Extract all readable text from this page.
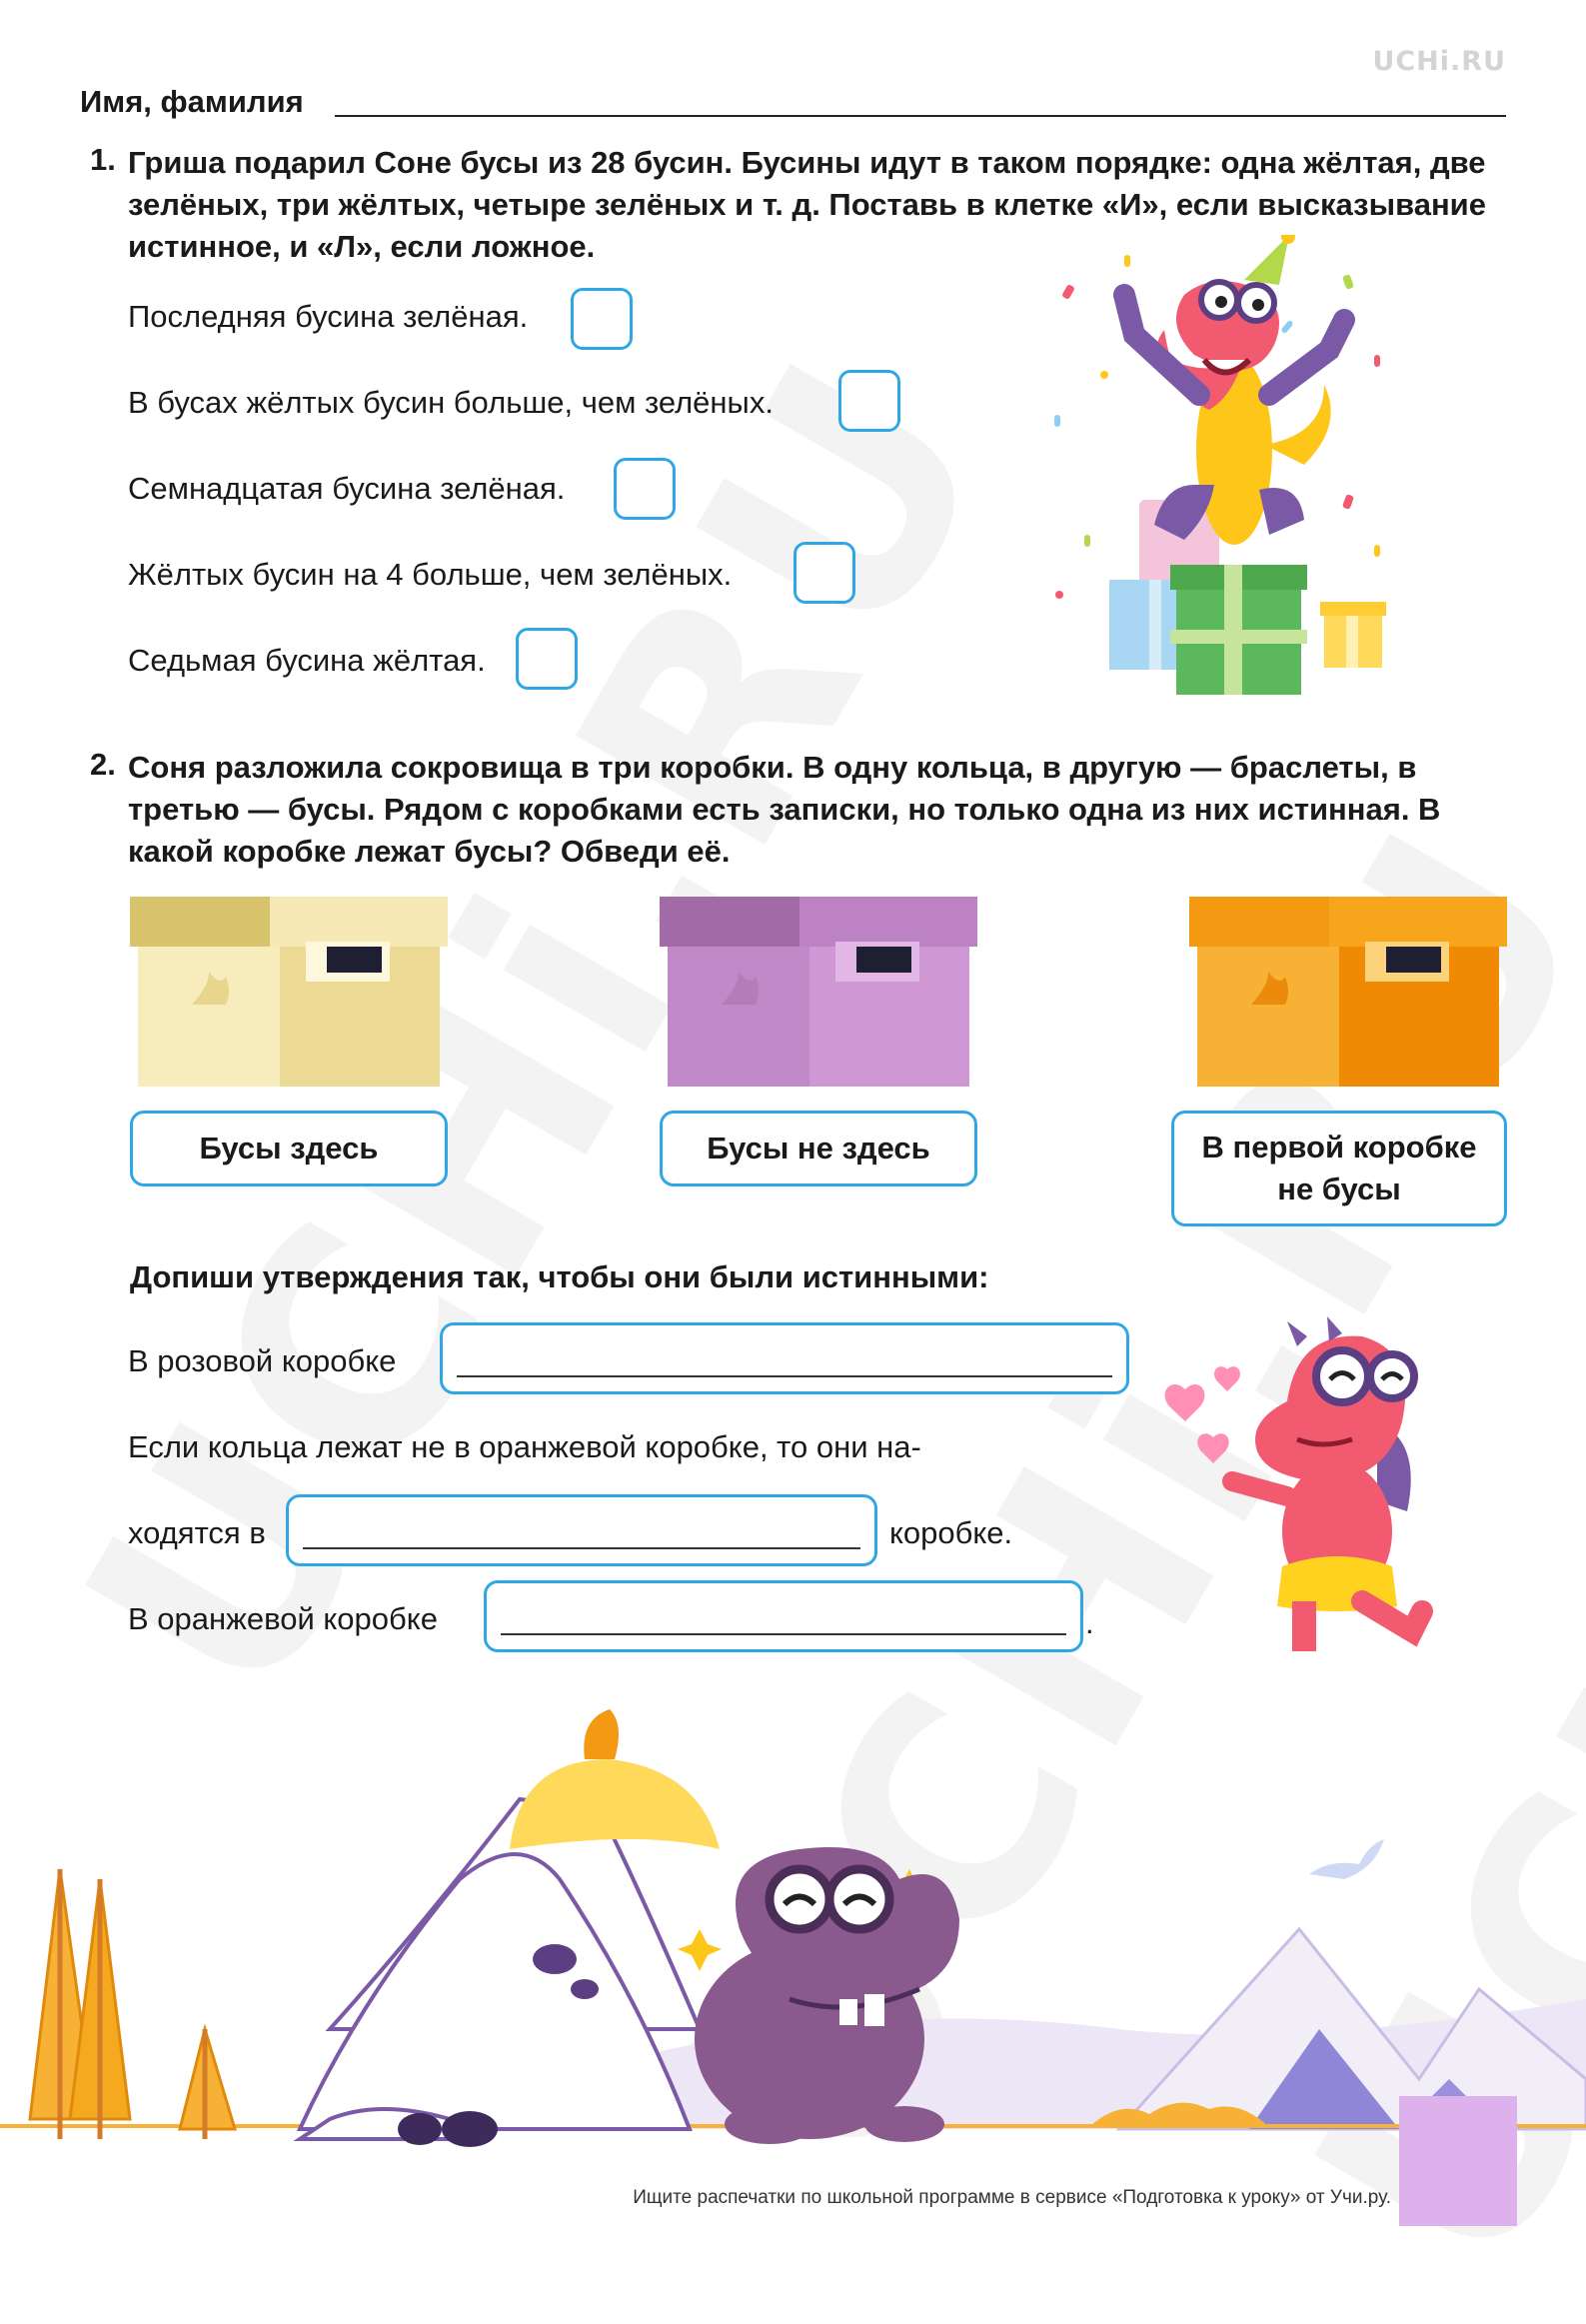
UCHi.RU
Имя, фамилия
1. Гриша подарил Соне бусы из 28 бусин. Бусины идут в таком порядке: одна жёлтая, две зелёных, три жёлтых, четыре зелёных и т. д. Поставь в клетке «И», если высказывание истинное, и «Л», если ложное.
Последняя бусина зелёная.
В бусах жёлтых бусин больше, чем зелёных.
Семнадцатая бусина зелёная.
Жёлтых бусин на 4 больше, чем зелёных.
Седьмая бусина жёлтая.
2. Соня разложила сокровища в три коробки. В одну кольца, в другую — браслеты, в третью — бусы. Рядом с коробками есть записки, но только одна из них истинная. В какой коробке лежат бусы? Обведи её.
Бусы здесь	Бусы не здесь	В первой коробке не бусы
Допиши утверждения так, чтобы они были истинными:
В розовой коробке
Если кольца лежат не в оранжевой коробке, то они на-
ходятся в	коробке.
В оранжевой коробке	.
Ищите распечатки по школьной программе в сервисе «Подготовка к уроку» от Учи.ру.
